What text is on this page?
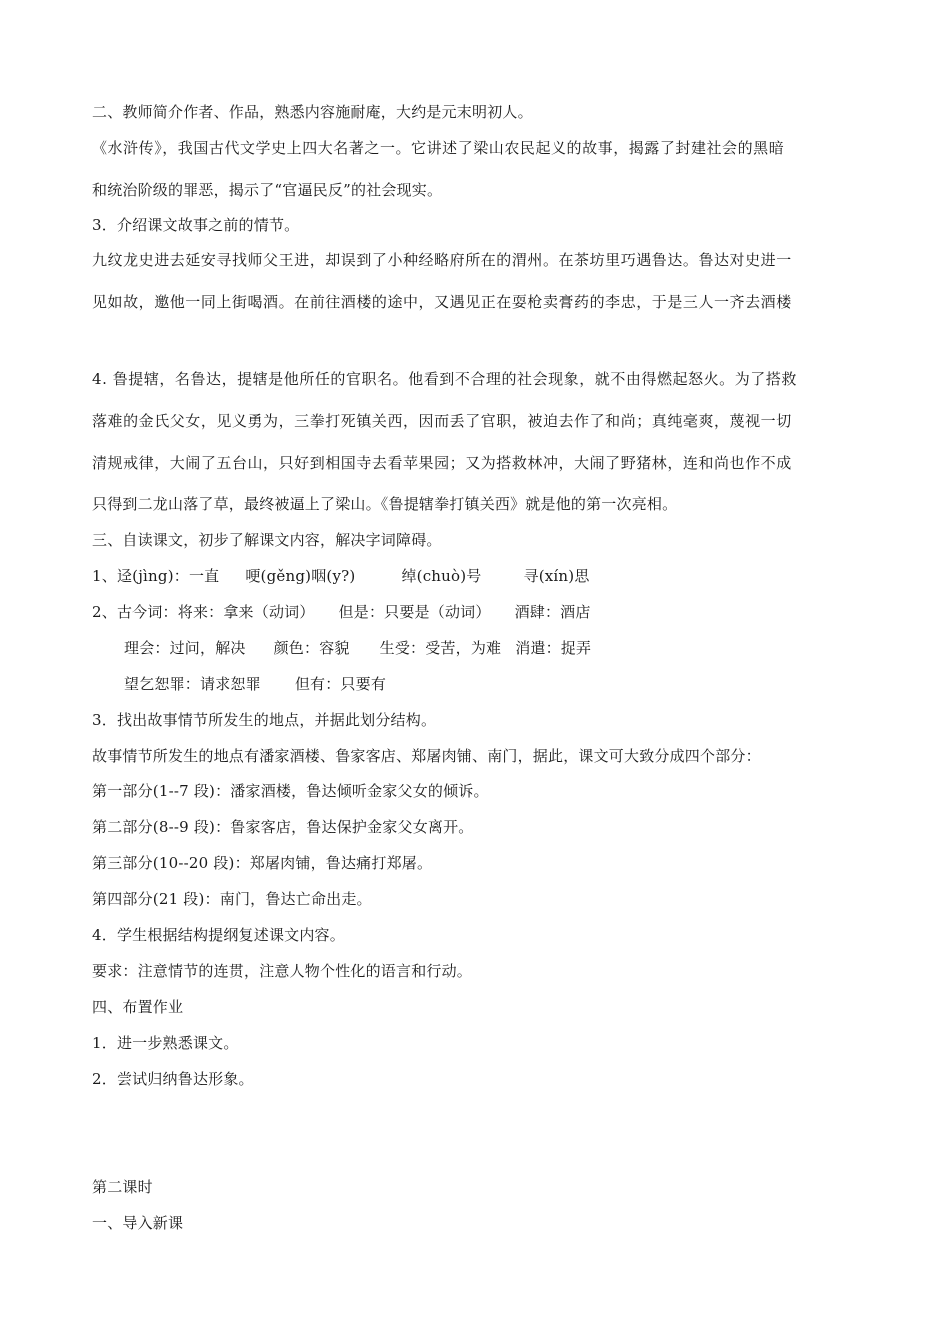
二、教师简介作者、作品，熟悉内容施耐庵，大约是元末明初人。
《水浒传》，我国古代文学史上四大名著之一。它讲述了梁山农民起义的故事，揭露了封建社会的黑暗
和统治阶级的罪恶，揭示了“官逼民反”的社会现实。
3．介绍课文故事之前的情节。
九纹龙史进去延安寻找师父王进，却误到了小种经略府所在的渭州。在茶坊里巧遇鲁达。鲁达对史进一
见如故，邀他一同上街喝酒。在前往酒楼的途中，又遇见正在耍枪卖膏药的李忠，于是三人一齐去酒楼
4. 鲁提辖，名鲁达，提辖是他所任的官职名。他看到不合理的社会现象，就不由得燃起怒火。为了搭救
落难的金氏父女，见义勇为，三拳打死镇关西，因而丢了官职，被迫去作了和尚；真纯毫爽，蔑视一切
清规戒律，大闹了五台山，只好到相国寺去看苹果园；又为搭救林冲，大闹了野猪林，连和尚也作不成
只得到二龙山落了草，最终被逼上了梁山。《鲁提辖拳打镇关西》就是他的第一次亮相。
三、自读课文，初步了解课文内容，解决字词障碍。
1、迳(jìng)：一直 哽(gěng)咽(y?)	绰(chuò)号	寻(xín)思
2、古今词：将来：拿来（动词） 但是：只要是（动词） 酒肆：酒店
理会：过问，解决 颜色：容貌 生受：受苦，为难 消遣：捉弄
望乞恕罪：请求恕罪 但有：只要有
3．找出故事情节所发生的地点，并据此划分结构。
故事情节所发生的地点有潘家酒楼、鲁家客店、郑屠肉铺、南门，据此，课文可大致分成四个部分：
第一部分(1--7 段)：潘家酒楼，鲁达倾听金家父女的倾诉。
第二部分(8--9 段)：鲁家客店，鲁达保护金家父女离开。
第三部分(10--20 段)：郑屠肉铺，鲁达痛打郑屠。
第四部分(21 段)：南门，鲁达亡命出走。
4．学生根据结构提纲复述课文内容。
要求：注意情节的连贯，注意人物个性化的语言和行动。
四、布置作业
1．进一步熟悉课文。
2．尝试归纳鲁达形象。
第二课时
一、导入新课
